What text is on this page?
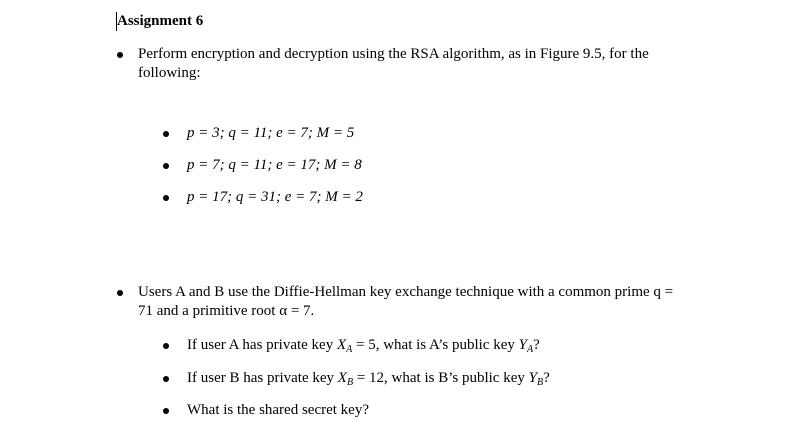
Assignment 6
Perform encryption and decryption using the RSA algorithm, as in Figure 9.5, for the
following:
p = 3; q = 11; e = 7; M = 5
p = 7; q = 11; e = 17; M = 8
p = 17; q = 31; e = 7; M = 2
Users A and B use the Diffie-Hellman key exchange technique with a common prime q =
71 and a primitive root α = 7.
If user A has private key $X_A = 5$, what is A’s public key $Y_A$?
If user B has private key $X_B = 12$, what is B’s public key $Y_B$?
What is the shared secret key?
